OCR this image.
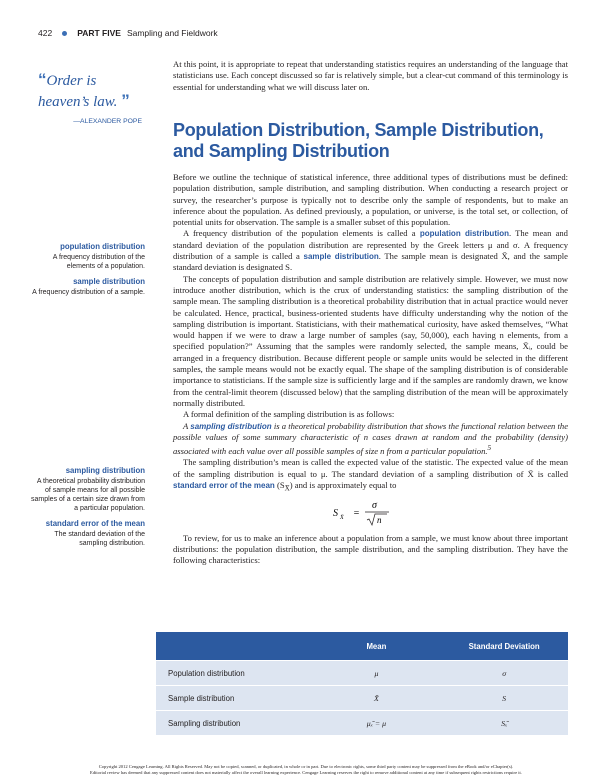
422	PART FIVE Sampling and Fieldwork
“Order is heaven’s law. ”
—ALEXANDER POPE

At this point, it is appropriate to repeat that understanding statistics requires an understanding of the language that statisticians use. Each concept discussed so far is relatively simple, but a clear-cut command of this terminology is essential for understanding what we will discuss later on.

Population Distribution, Sample Distribution, and Sampling Distribution

Before we outline the technique of statistical inference, three additional types of distributions must be defined: population distribution, sample distribution, and sampling distribution. When conducting a research project or survey, the researcher’s purpose is typically not to describe only the sample of respondents, but to make an inference about the population. As defined previously, a population, or universe, is the total set, or collection, of potential units for observation. The sample is a smaller subset of this population.

A frequency distribution of the population elements is called a population distribution. The mean and standard deviation of the population distribution are represented by the Greek letters μ and σ. A frequency distribution of a sample is called a sample distribution. The sample mean is designated X̄, and the sample standard deviation is designated S.

The concepts of population distribution and sample distribution are relatively simple. However, we must now introduce another distribution, which is the crux of understanding statistics: the sampling distribution of the sample mean. The sampling distribution is a theoretical probability distribution that in actual practice would never be calculated. Hence, practical, business-oriented students have difficulty understanding why the notion of the sampling distribution is important. Statisticians, with their mathematical curiosity, have asked themselves, “What would happen if we were to draw a large number of samples (say, 50,000), each having n elements, from a specified population?” Assuming that the samples were randomly selected, the sample means, X̄ᵢ, could be arranged in a frequency distribution. Because different people or sample units would be selected in the different samples, the sample means would not be exactly equal. The shape of the sampling distribution is of considerable importance to statisticians. If the sample size is sufficiently large and if the samples are randomly drawn, we know from the central-limit theorem (discussed below) that the sampling distribution of the mean will be approximately normally distributed.

A formal definition of the sampling distribution is as follows:

A sampling distribution is a theoretical probability distribution that shows the functional relation between the possible values of some summary characteristic of n cases drawn at random and the probability (density) associated with each value over all possible samples of size n from a particular population.$^5$

The sampling distribution’s mean is called the expected value of the statistic. The expected value of the mean of the sampling distribution is equal to μ. The standard deviation of a sampling distribution of X̄ is called standard error of the mean $(S_{X̄})$ and is approximately equal to

S X̄ =
σ
n

To review, for us to make an inference about a population from a sample, we must know about three important distributions: the population distribution, the sample distribution, and the sampling distribution. They have the following characteristics:

population distribution
A frequency distribution of the elements of a population.
sample distribution
A frequency distribution of a sample.
sampling distribution
A theoretical probability distribution of sample means for all possible samples of a certain size drawn from a particular population.
standard error of the mean
The standard deviation of the sampling distribution.
	Mean	Standard Deviation
Population distribution	μ	σ
Sample distribution	X̄	S
Sampling distribution	μₓ̄ = μ	Sₓ̄
Copyright 2012 Cengage Learning. All Rights Reserved. May not be copied, scanned, or duplicated, in whole or in part. Due to electronic rights, some third party content may be suppressed from the eBook and/or eChapter(s).
Editorial review has deemed that any suppressed content does not materially affect the overall learning experience. Cengage Learning reserves the right to remove additional content at any time if subsequent rights restrictions require it.
